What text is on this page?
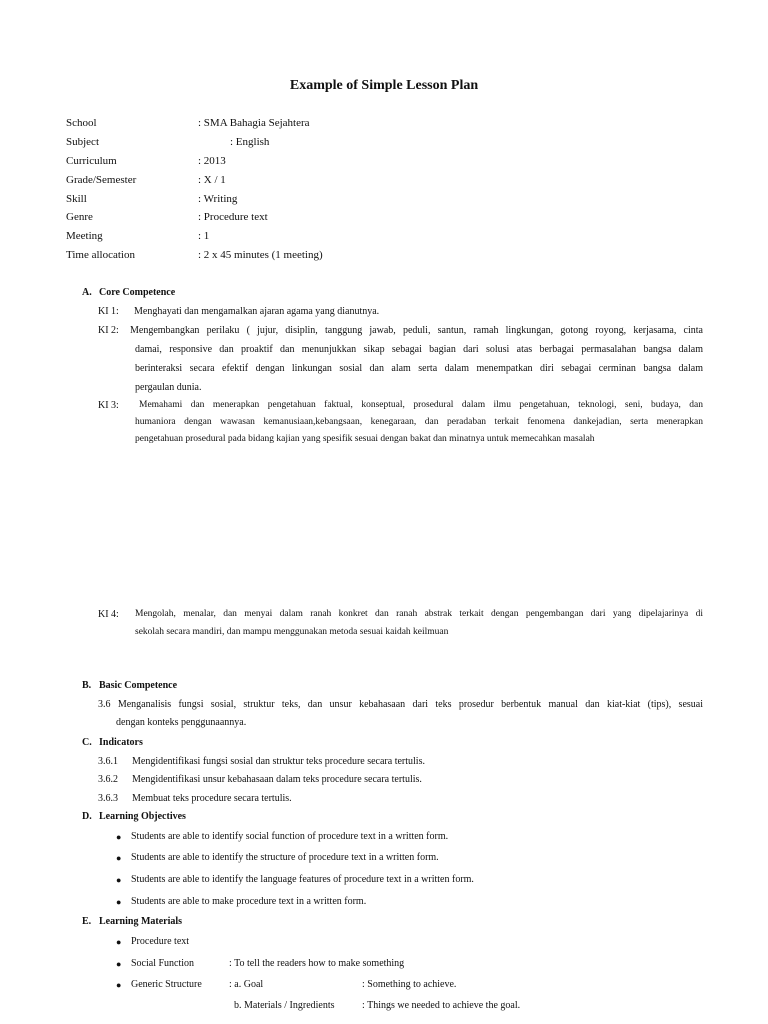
Example of Simple Lesson Plan
School	: SMA Bahagia Sejahtera
Subject	: English
Curriculum	: 2013
Grade/Semester	: X / 1
Skill	: Writing
Genre	: Procedure text
Meeting	: 1
Time allocation	: 2 x 45 minutes (1 meeting)
A. Core Competence
KI 1: Menghayati dan mengamalkan ajaran agama yang dianutnya.
KI 2: Mengembangkan perilaku ( jujur, disiplin, tanggung jawab, peduli, santun, ramah lingkungan, gotong royong, kerjasama, cinta
damai, responsive dan proaktif dan menunjukkan sikap sebagai bagian dari solusi atas berbagai permasalahan bangsa dalam
berinteraksi secara efektif dengan linkungan sosial dan alam serta dalam menempatkan diri sebagai cerminan bangsa dalam
pergaulan dunia.
KI 3: Memahami dan menerapkan pengetahuan faktual, konseptual, prosedural dalam ilmu pengetahuan, teknologi, seni, budaya, dan
humaniora dengan wawasan kemanusiaan,kebangsaan, kenegaraan, dan peradaban terkait fenomena dankejadian, serta menerapkan
pengetahuan prosedural pada bidang kajian yang spesifik sesuai dengan bakat dan minatnya untuk memecahkan masalah
KI 4: Mengolah, menalar, dan menyai dalam ranah konkret dan ranah abstrak terkait dengan pengembangan dari yang dipelajarinya di
sekolah secara mandiri, dan mampu menggunakan metoda sesuai kaidah keilmuan
B. Basic Competence
3.6 Menganalisis fungsi sosial, struktur teks, dan unsur kebahasaan dari teks prosedur berbentuk manual dan kiat-kiat (tips), sesuai
dengan konteks penggunaannya.
C. Indicators
3.6.1 Mengidentifikasi fungsi sosial dan struktur teks procedure secara tertulis.
3.6.2 Mengidentifikasi unsur kebahasaan dalam teks procedure secara tertulis.
3.6.3 Membuat teks procedure secara tertulis.
D. Learning Objectives
● Students are able to identify social function of procedure text in a written form.
● Students are able to identify the structure of procedure text in a written form.
● Students are able to identify the language features of procedure text in a written form.
● Students are able to make procedure text in a written form.
E. Learning Materials
● Procedure text
● Social Function	: To tell the readers how to make something
● Generic Structure	: a. Goal	: Something to achieve.
b. Materials / Ingredients	: Things we needed to achieve the goal.
